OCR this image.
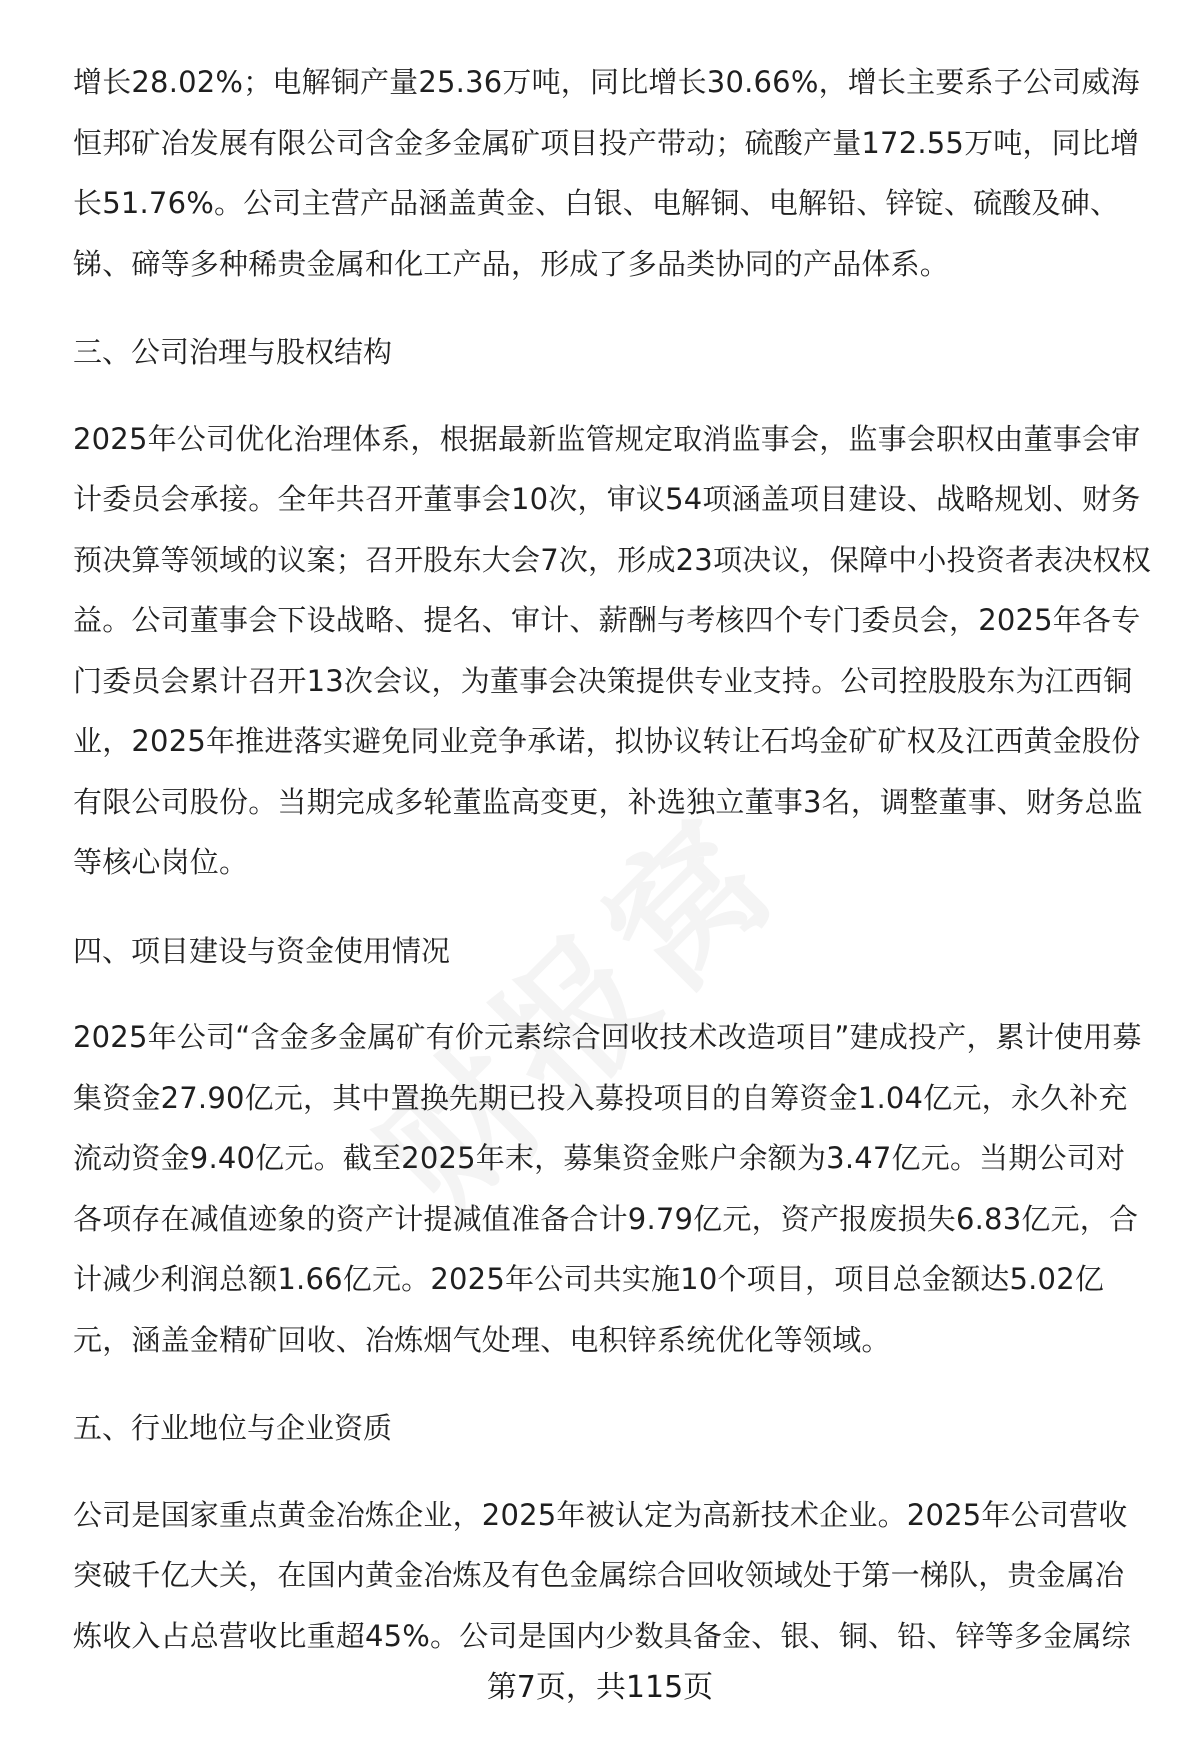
增长28.02%；电解铜产量25.36万吨，同比增长30.66%，增长主要系子公司威海恒邦矿冶发展有限公司含金多金属矿项目投产带动；硫酸产量172.55万吨，同比增长51.76%。公司主营产品涵盖黄金、白银、电解铜、电解铅、锌锭、硫酸及砷、锑、碲等多种稀贵金属和化工产品，形成了多品类协同的产品体系。

三、公司治理与股权结构

2025年公司优化治理体系，根据最新监管规定取消监事会，监事会职权由董事会审计委员会承接。全年共召开董事会10次，审议54项涵盖项目建设、战略规划、财务预决算等领域的议案；召开股东大会7次，形成23项决议，保障中小投资者表决权权益。公司董事会下设战略、提名、审计、薪酬与考核四个专门委员会，2025年各专门委员会累计召开13次会议，为董事会决策提供专业支持。公司控股股东为江西铜业，2025年推进落实避免同业竞争承诺，拟协议转让石坞金矿矿权及江西黄金股份有限公司股份。当期完成多轮董监高变更，补选独立董事3名，调整董事、财务总监等核心岗位。

四、项目建设与资金使用情况

2025年公司“含金多金属矿有价元素综合回收技术改造项目”建成投产，累计使用募集资金27.90亿元，其中置换先期已投入募投项目的自筹资金1.04亿元，永久补充流动资金9.40亿元。截至2025年末，募集资金账户余额为3.47亿元。当期公司对各项存在减值迹象的资产计提减值准备合计9.79亿元，资产报废损失6.83亿元，合计减少利润总额1.66亿元。2025年公司共实施10个项目，项目总金额达5.02亿元，涵盖金精矿回收、冶炼烟气处理、电积锌系统优化等领域。

五、行业地位与企业资质

公司是国家重点黄金冶炼企业，2025年被认定为高新技术企业。2025年公司营收突破千亿大关，在国内黄金冶炼及有色金属综合回收领域处于第一梯队，贵金属冶炼收入占总营收比重超45%。公司是国内少数具备金、银、铜、铅、锌等多金属综

第7页，共115页
